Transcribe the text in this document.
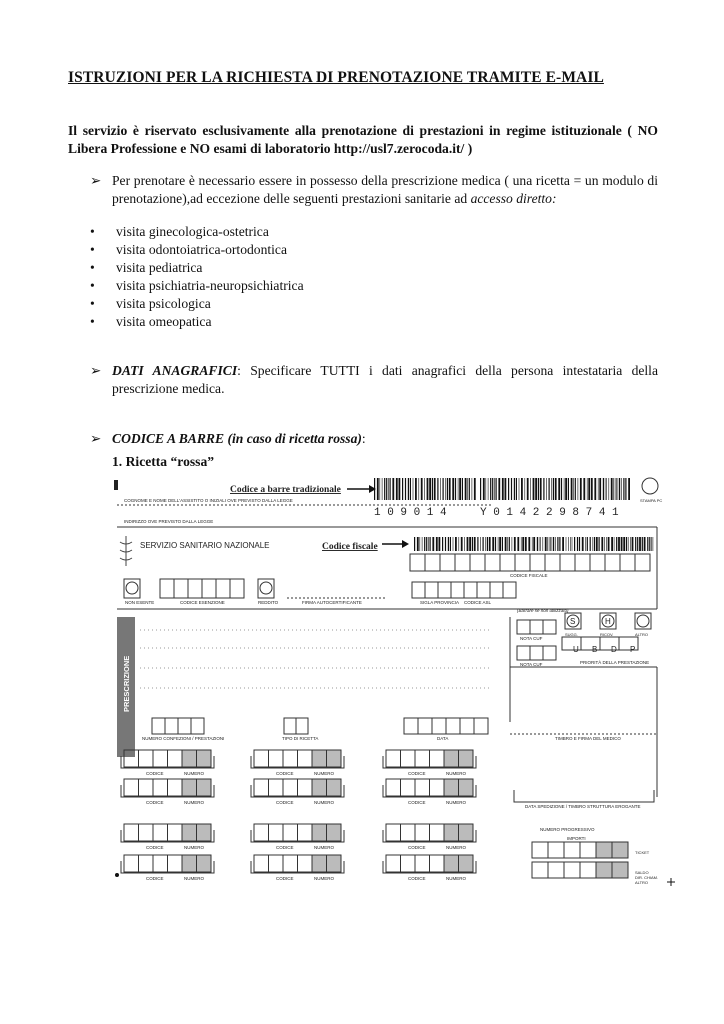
ISTRUZIONI PER LA RICHIESTA DI PRENOTAZIONE TRAMITE E-MAIL

Il servizio è riservato esclusivamente alla prenotazione di prestazioni in regime istituzionale ( NO Libera Professione e NO esami di laboratorio http://usl7.zerocoda.it/ )

➢ Per prenotare è necessario essere in possesso della prescrizione medica ( una ricetta = un modulo di prenotazione),ad eccezione delle seguenti prestazioni sanitarie ad accesso diretto:
• visita ginecologica-ostetrica
• visita odontoiatrica-ortodontica
• visita pediatrica
• visita psichiatria-neuropsichiatrica
• visita psicologica
• visita omeopatica
➢ DATI ANAGRAFICI: Specificare TUTTI i dati anagrafici della persona intestataria della prescrizione medica.
➢ CODICE A BARRE (in caso di ricetta rossa):
1. Ricetta “rossa”
Codice a barre tradizionale
Codice fiscale
1 0 9 0 1 4	Y 0 1 4 2 2 9 8 7 4 1
COGNOME E NOME DELL'ASSISTITO O INIZIALI OVE PREVISTO DALLA LEGGE
INDIRIZZO OVE PREVISTO DALLA LEGGE
SERVIZIO SANITARIO NAZIONALE
STAMPA PC
CODICE FISCALE
NON ESENTE	CODICE ESENZIONE	REDDITO	FIRMA AUTOCERTIFICANTE	SIGLA PROVINCIA CODICE ASL
PRESCRIZIONE
(Barrare se non utilizzato)
NOTA CUF
NOTA CUF
S	H
SUGG.	RICOV.	ALTRO
U B D P
PRIORITÀ DELLA PRESTAZIONE
NUMERO CONFEZIONI / PRESTAZIONI	TIPO DI RICETTA	DATA	TIMBRO E FIRMA DEL MEDICO
DATA SPEDIZIONE / TIMBRO STRUTTURA EROGANTE
NUMERO PROGRESSIVO
IMPORTI
TICKET
SALDO
DIR. CHIAM.
ALTRO
CODICE	NUMERO
CODICE	NUMERO
CODICE	NUMERO
CODICE	NUMERO
CODICE	NUMERO
CODICE	NUMERO
CODICE	NUMERO
CODICE	NUMERO
CODICE	NUMERO
CODICE	NUMERO
CODICE	NUMERO
CODICE	NUMERO
